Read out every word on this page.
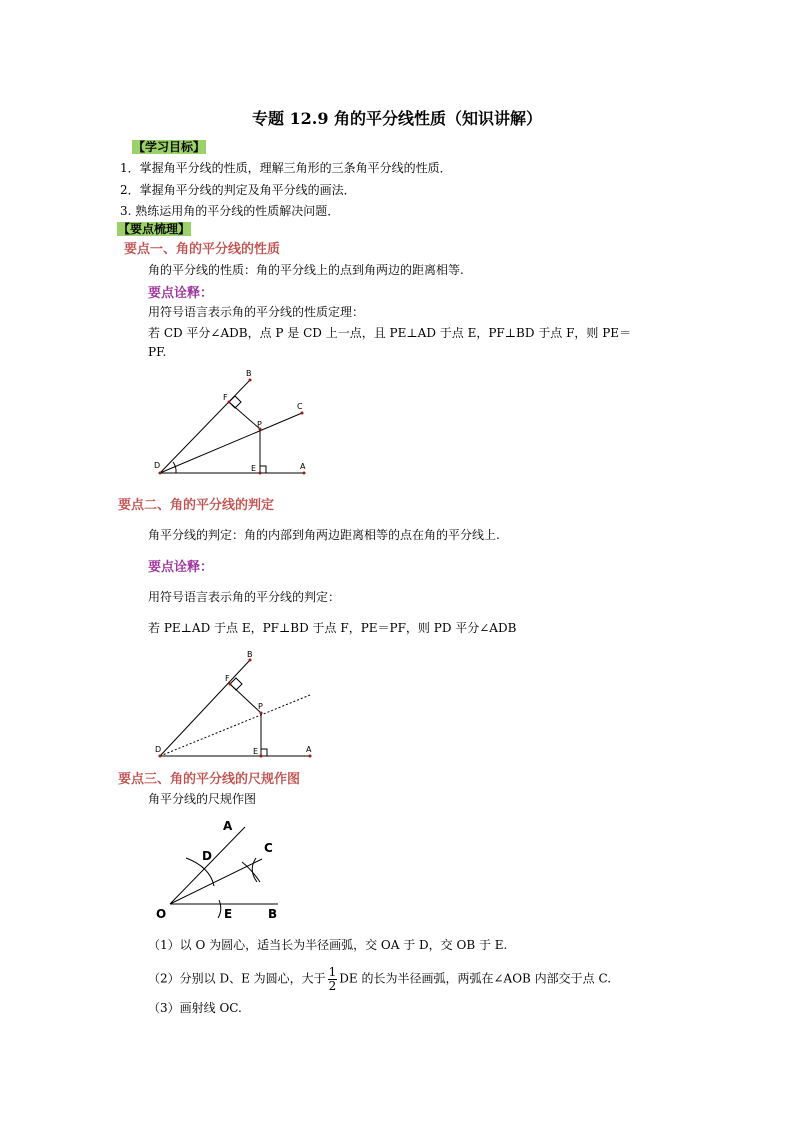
专题 12.9 角的平分线性质（知识讲解）
【学习目标】
1．掌握角平分线的性质，理解三角形的三条角平分线的性质．
2．掌握角平分线的判定及角平分线的画法．
3. 熟练运用角的平分线的性质解决问题．
【要点梳理】
要点一、角的平分线的性质
角的平分线的性质：角的平分线上的点到角两边的距离相等.
要点诠释：
用符号语言表示角的平分线的性质定理：
若 CD 平分∠ADB，点 P 是 CD 上一点，且 PE⊥AD 于点 E，PF⊥BD 于点 F，则 PE＝
PF.
B
F
C
P
D	E	A
要点二、角的平分线的判定
角平分线的判定：角的内部到角两边距离相等的点在角的平分线上.
要点诠释：
用符号语言表示角的平分线的判定：
若 PE⊥AD 于点 E，PF⊥BD 于点 F，PE＝PF，则 PD 平分∠ADB
B
F
P
D	E	A
要点三、角的平分线的尺规作图
角平分线的尺规作图
A
D
C
O	E	B
（1）以 O 为圆心，适当长为半径画弧，交 OA 于 D，交 OB 于 E.
（2）分别以 D、E 为圆心，大于 $\frac{1}{2}$ DE 的长为半径画弧，两弧在∠AOB 内部交于点 C.
（3）画射线 OC.
